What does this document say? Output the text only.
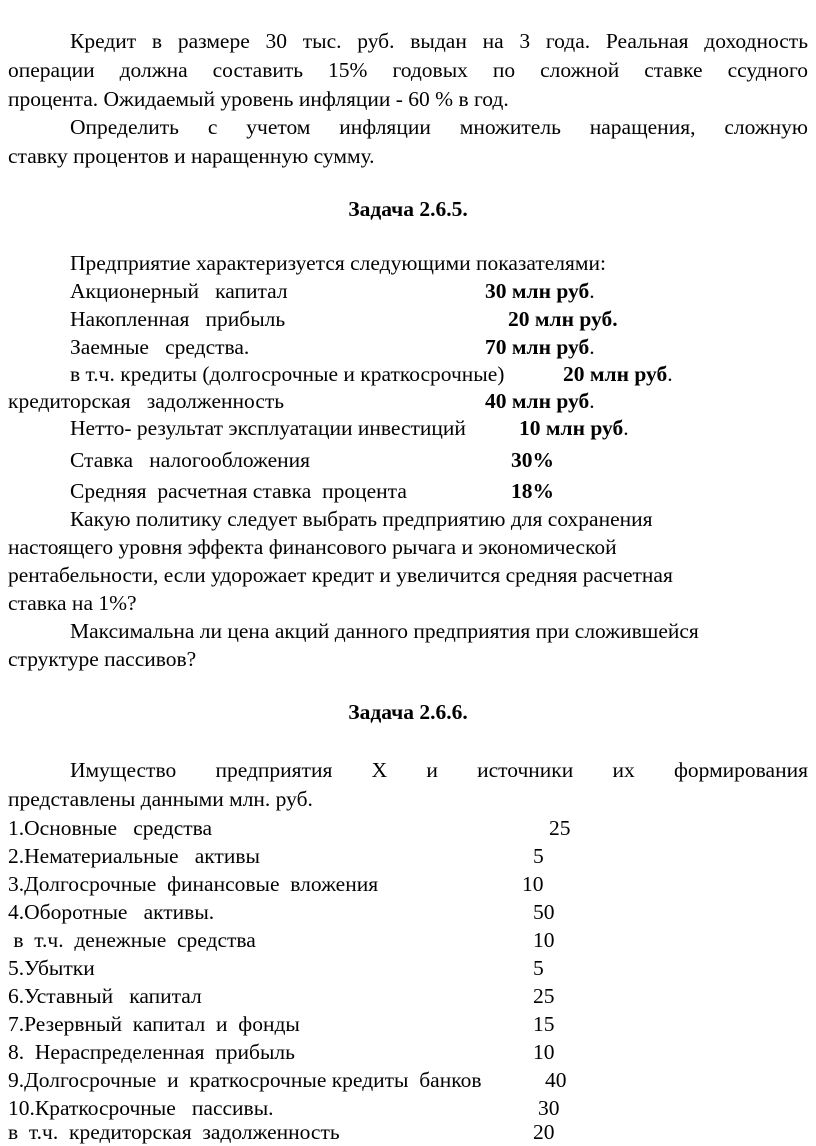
Кредит в размере 30 тыс. руб. выдан на 3 года. Реальная доходность
операции должна составить 15% годовых по сложной ставке ссудного
процента. Ожидаемый уровень инфляции - 60 % в год.
Определить с учетом инфляции множитель наращения, сложную
ставку процентов и наращенную сумму.
Задача 2.6.5.
Предприятие характеризуется следующими показателями:
Акционерный   капитал	30 млн руб.
Накопленная   прибыль	20 млн руб.
Заемные   средства.	70 млн руб.
в т.ч. кредиты (долгосрочные и краткосрочные)	20 млн руб.
кредиторская   задолженность	40 млн руб.
Нетто- результат эксплуатации инвестиций 10 млн руб.
Ставка   налогообложения	30%
Средняя  расчетная ставка  процента	18%
Какую политику следует выбрать предприятию для сохранения
настоящего уровня эффекта финансового рычага и экономической
рентабельности, если удорожает кредит и увеличится средняя расчетная
ставка на 1%?
Максимальна ли цена акций данного предприятия при сложившейся
структуре пассивов?
Задача 2.6.6.
Имущество предприятия Х и источники их формирования
представлены данными млн. руб.
1.Основные   средства	25
2.Нематериальные   активы	5
3.Долгосрочные  финансовые  вложения	10
4.Оборотные   активы.	50
в  т.ч.  денежные  средства	10
5.Убытки	5
6.Уставный   капитал	25
7.Резервный  капитал  и  фонды	15
8.  Нераспределенная  прибыль	10
9.Долгосрочные  и  краткосрочные кредиты  банков	40
10.Краткосрочные   пассивы.	30
в  т.ч.  кредиторская  задолженность	20
